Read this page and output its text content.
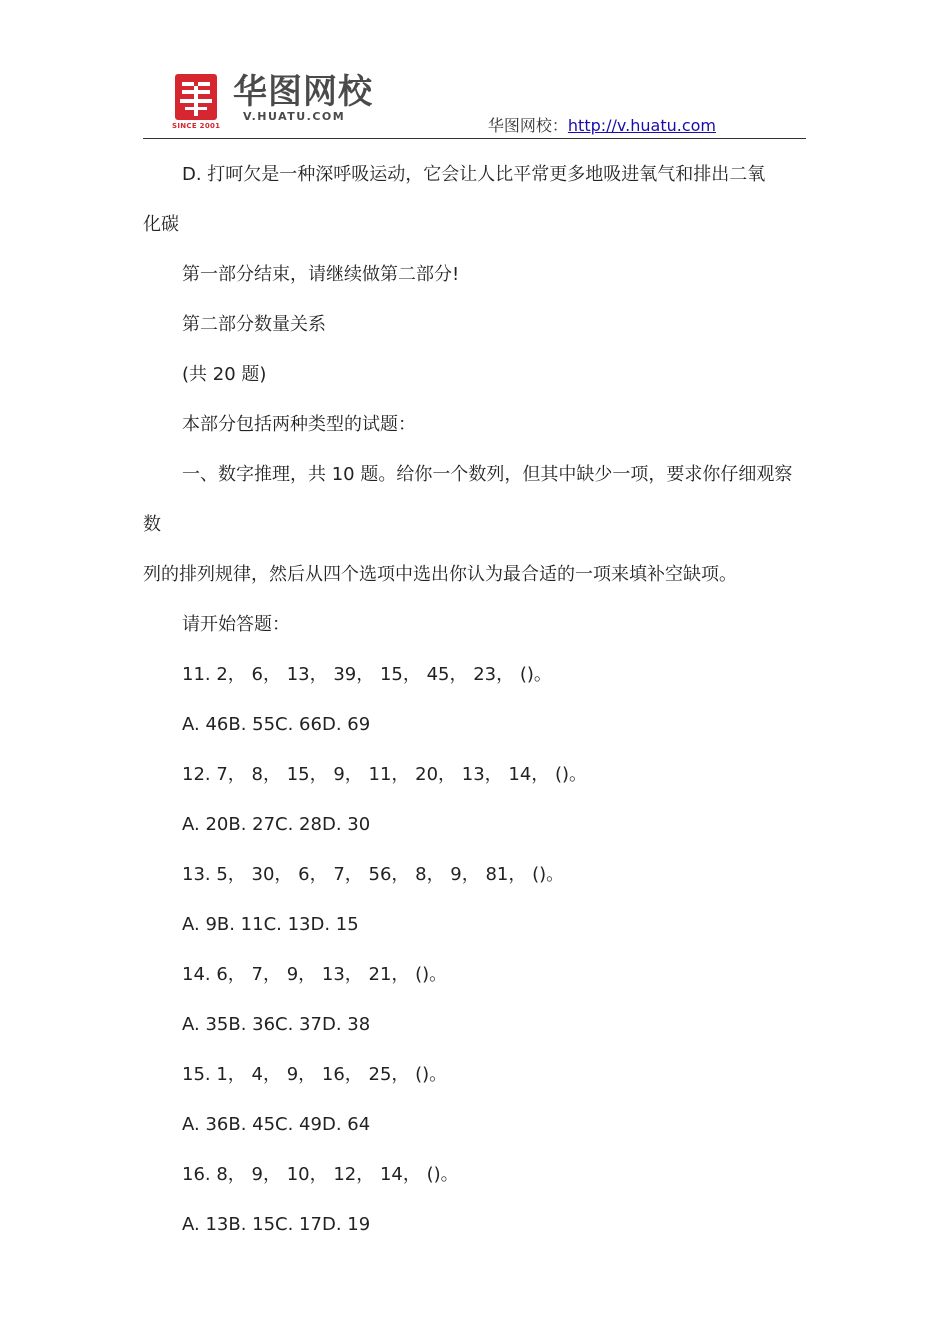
SINCE 2001
华图网校
V.HUATU.COM	华图网校：http://v.huatu.com

D. 打呵欠是一种深呼吸运动，它会让人比平常更多地吸进氧气和排出二氧
化碳

第一部分结束，请继续做第二部分!

第二部分数量关系

(共 20 题)

本部分包括两种类型的试题：

一、数字推理，共 10 题。给你一个数列，但其中缺少一项，要求你仔细观察数
列的排列规律，然后从四个选项中选出你认为最合适的一项来填补空缺项。

请开始答题：

11. 2， 6， 13， 39， 15， 45， 23， ()。

A. 46B. 55C. 66D. 69

12. 7， 8， 15， 9， 11， 20， 13， 14， ()。

A. 20B. 27C. 28D. 30

13. 5， 30， 6， 7， 56， 8， 9， 81， ()。

A. 9B. 11C. 13D. 15

14. 6， 7， 9， 13， 21， ()。

A. 35B. 36C. 37D. 38

15. 1， 4， 9， 16， 25， ()。

A. 36B. 45C. 49D. 64

16. 8， 9， 10， 12， 14， ()。

A. 13B. 15C. 17D. 19
